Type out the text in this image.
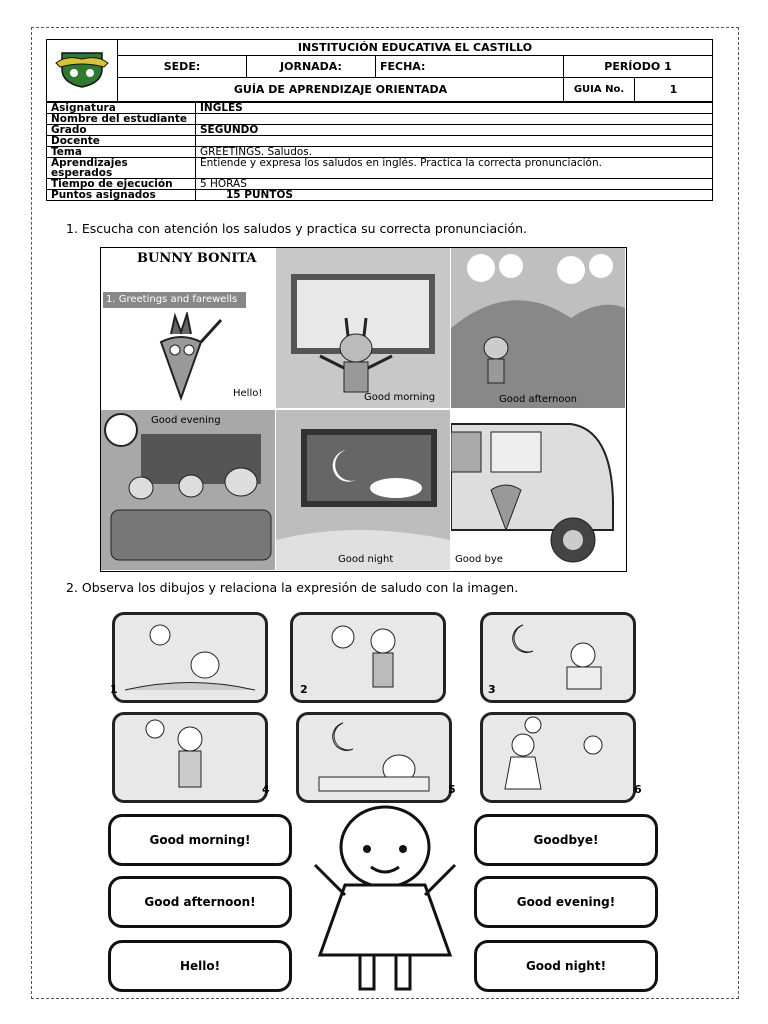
	INSTITUCIÓN EDUCATIVA EL CASTILLO			
	SEDE:	JORNADA:	FECHA:	PERÍODO 1
	GUÍA DE APRENDIZAJE ORIENTADA			GUIA No. 1
Asignatura	INGLES
Nombre del estudiante	
Grado	SEGUNDO
Docente	
Tema	GREETINGS. Saludos.
Aprendizajes esperados	Entiende y expresa los saludos en inglés. Practica la correcta pronunciación.
Tiempo de ejecución	5 HORAS
Puntos asignados	15 PUNTOS
1. Escucha con atención los saludos y practica su correcta pronunciación.
BUNNY BONITA
1. Greetings and farewells
Hello!	Good morning	Good afternoon
Good evening
Good night	Good bye
2. Observa los dibujos y relaciona la expresión de saludo con la imagen.
1	2	3
4	5	6
Good morning!
Good afternoon!
Hello!
Goodbye!
Good evening!
Good night!
